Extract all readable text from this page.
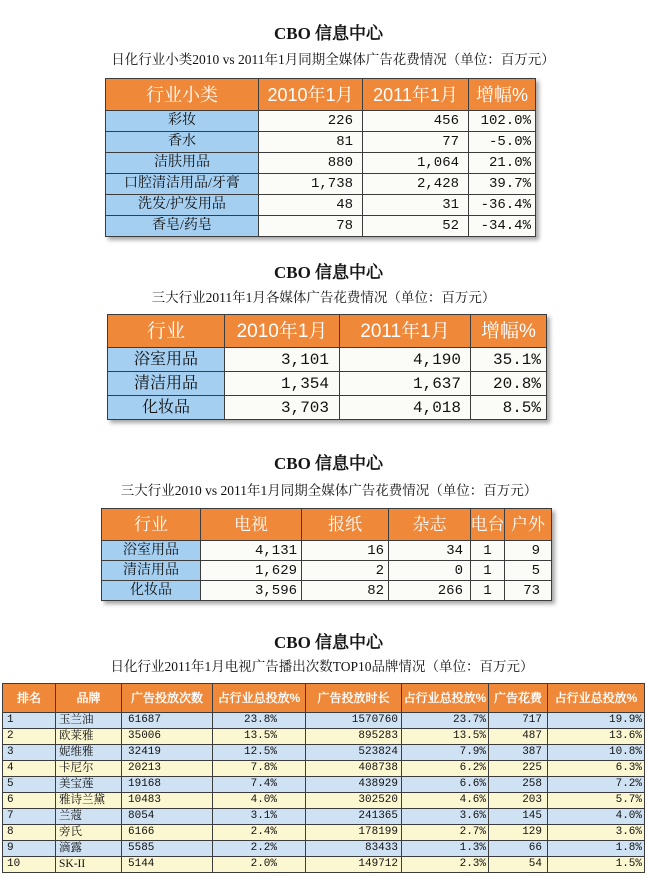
CBO 信息中心
日化行业小类2010 vs 2011年1月同期全媒体广告花费情况（单位：百万元）
行业小类	2010年1月	2011年1月	增幅%
彩妆	226	456	102.0%
香水	81	77	-5.0%
洁肤用品	880	1,064	21.0%
口腔清洁用品/牙膏	1,738	2,428	39.7%
洗发/护发用品	48	31	-36.4%
香皂/药皂	78	52	-34.4%
CBO 信息中心
三大行业2011年1月各媒体广告花费情况（单位：百万元）
行业	2010年1月	2011年1月	增幅%
浴室用品	3,101	4,190	35.1%
清洁用品	1,354	1,637	20.8%
化妆品	3,703	4,018	8.5%
CBO 信息中心
三大行业2010 vs 2011年1月同期全媒体广告花费情况（单位：百万元）
行业	电视	报纸	杂志	电台 户外
浴室用品	4,131	16	34	1	9
清洁用品	1,629	2	0	1	5
化妆品	3,596	82	266	1	73
CBO 信息中心
日化行业2011年1月电视广告播出次数TOP10品牌情况（单位：百万元）
排名	品牌	广告投放次数	占行业总投放%	广告投放时长	占行业总投放% 广告花费	占行业总投放%
1	玉兰油	61687	23.8%	1570760	23.7%	717	19.9%
2	欧莱雅	35006	13.5%	895283	13.5%	487	13.6%
3	妮维雅	32419	12.5%	523824	7.9%	387	10.8%
4	卡尼尔	20213	7.8%	408738	6.2%	225	6.3%
5	美宝莲	19168	7.4%	438929	6.6%	258	7.2%
6	雅诗兰黛	10483	4.0%	302520	4.6%	203	5.7%
7	兰蔻	8054	3.1%	241365	3.6%	145	4.0%
8	旁氏	6166	2.4%	178199	2.7%	129	3.6%
9	滴露	5585	2.2%	83433	1.3%	66	1.8%
10	SK-II	5144	2.0%	149712	2.3%	54	1.5%
